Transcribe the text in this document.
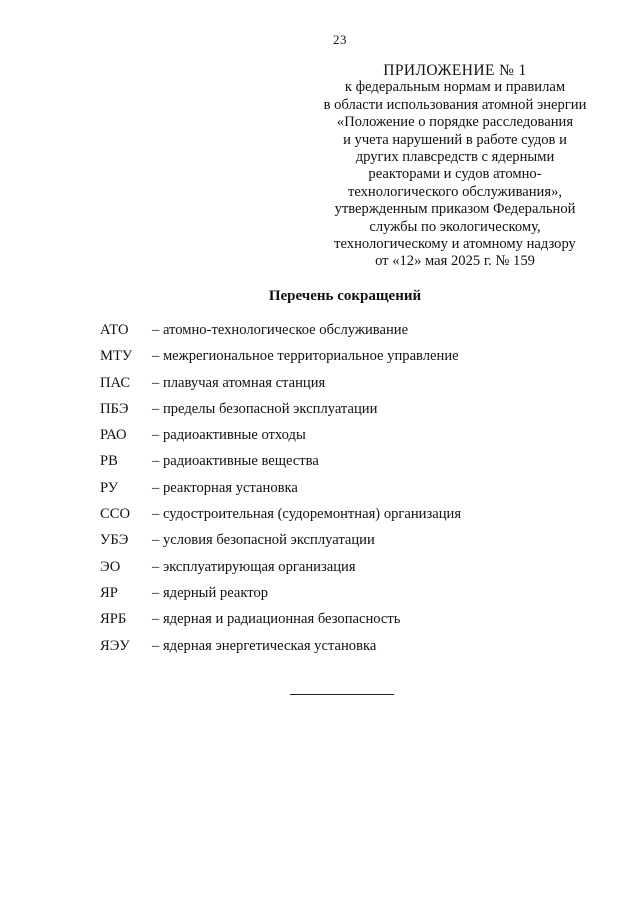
23
ПРИЛОЖЕНИЕ № 1
к федеральным нормам и правилам
в области использования атомной энергии
«Положение о порядке расследования
и учета нарушений в работе судов и
других плавсредств с ядерными
реакторами и судов атомно-
технологического обслуживания»,
утвержденным приказом Федеральной
службы по экологическому,
технологическому и атомному надзору
от «12» мая 2025 г. № 159
Перечень сокращений
АТО	– атомно-технологическое обслуживание
МТУ	– межрегиональное территориальное управление
ПАС	– плавучая атомная станция
ПБЭ	– пределы безопасной эксплуатации
РАО	– радиоактивные отходы
РВ	– радиоактивные вещества
РУ	– реакторная установка
ССО	– судостроительная (судоремонтная) организация
УБЭ	– условия безопасной эксплуатации
ЭО	– эксплуатирующая организация
ЯР	– ядерный реактор
ЯРБ	– ядерная и радиационная безопасность
ЯЭУ	– ядерная энергетическая установка
